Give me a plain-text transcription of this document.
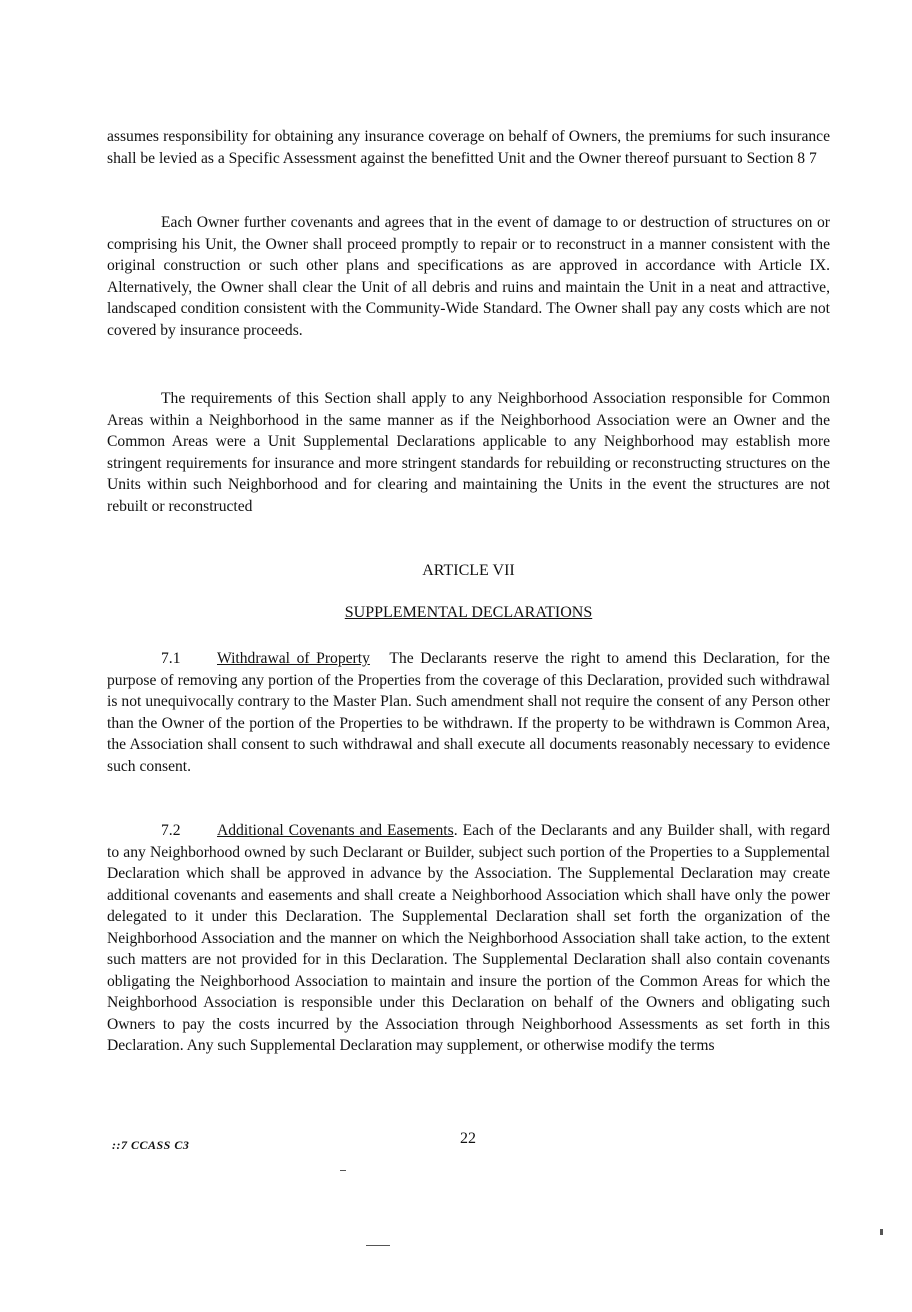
assumes responsibility for obtaining any insurance coverage on behalf of Owners, the premiums for such insurance shall be levied as a Specific Assessment against the benefitted Unit and the Owner thereof pursuant to Section 8 7

Each Owner further covenants and agrees that in the event of damage to or destruction of structures on or comprising his Unit, the Owner shall proceed promptly to repair or to reconstruct in a manner consistent with the original construction or such other plans and specifications as are approved in accordance with Article IX. Alternatively, the Owner shall clear the Unit of all debris and ruins and maintain the Unit in a neat and attractive, landscaped condition consistent with the Community-Wide Standard. The Owner shall pay any costs which are not covered by insurance proceeds.

The requirements of this Section shall apply to any Neighborhood Association responsible for Common Areas within a Neighborhood in the same manner as if the Neighborhood Association were an Owner and the Common Areas were a Unit Supplemental Declarations applicable to any Neighborhood may establish more stringent requirements for insurance and more stringent standards for rebuilding or reconstructing structures on the Units within such Neighborhood and for clearing and maintaining the Units in the event the structures are not rebuilt or reconstructed

ARTICLE VII

SUPPLEMENTAL DECLARATIONS

7.1 Withdrawal of Property The Declarants reserve the right to amend this Declaration, for the purpose of removing any portion of the Properties from the coverage of this Declaration, provided such withdrawal is not unequivocally contrary to the Master Plan. Such amendment shall not require the consent of any Person other than the Owner of the portion of the Properties to be withdrawn. If the property to be withdrawn is Common Area, the Association shall consent to such withdrawal and shall execute all documents reasonably necessary to evidence such consent.

7.2 Additional Covenants and Easements. Each of the Declarants and any Builder shall, with regard to any Neighborhood owned by such Declarant or Builder, subject such portion of the Properties to a Supplemental Declaration which shall be approved in advance by the Association. The Supplemental Declaration may create additional covenants and easements and shall create a Neighborhood Association which shall have only the power delegated to it under this Declaration. The Supplemental Declaration shall set forth the organization of the Neighborhood Association and the manner on which the Neighborhood Association shall take action, to the extent such matters are not provided for in this Declaration. The Supplemental Declaration shall also contain covenants obligating the Neighborhood Association to maintain and insure the portion of the Common Areas for which the Neighborhood Association is responsible under this Declaration on behalf of the Owners and obligating such Owners to pay the costs incurred by the Association through Neighborhood Assessments as set forth in this Declaration. Any such Supplemental Declaration may supplement, or otherwise modify the terms

::7 CCASS C3	22
